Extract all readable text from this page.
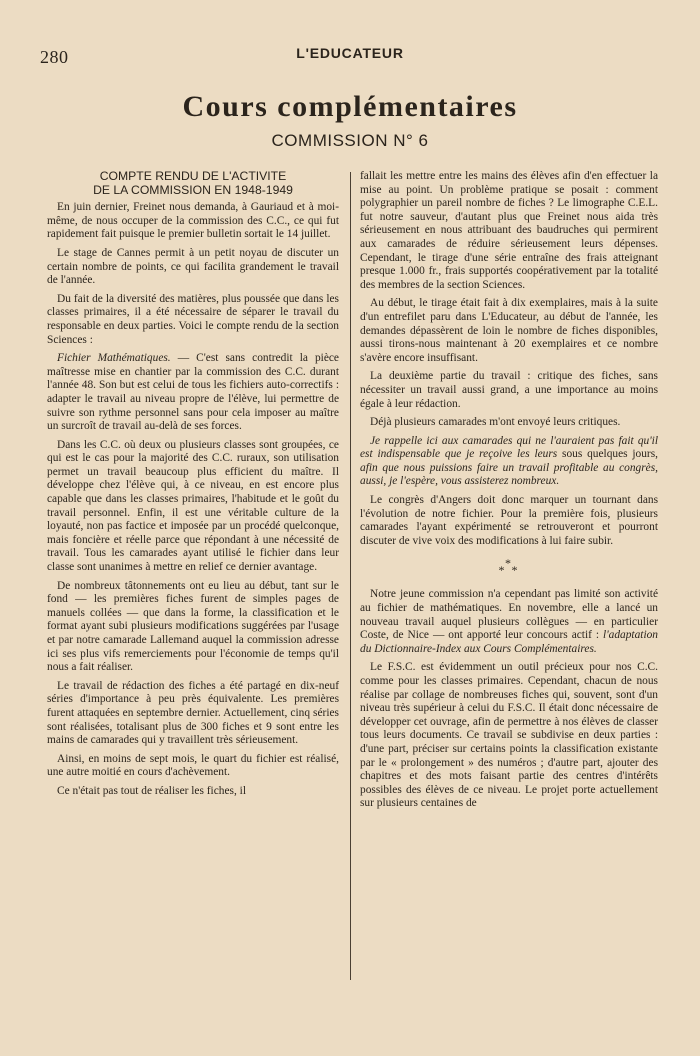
280	L'EDUCATEUR
Cours complémentaires
COMMISSION N° 6
COMPTE RENDU DE L'ACTIVITE
DE LA COMMISSION EN 1948-1949

En juin dernier, Freinet nous demanda, à Gauriaud et à moi-même, de nous occuper de la commission des C.C., ce qui fut rapidement fait puisque le premier bulletin sortait le 14 juillet.

Le stage de Cannes permit à un petit noyau de discuter un certain nombre de points, ce qui facilita grandement le travail de l'année.

Du fait de la diversité des matières, plus poussée que dans les classes primaires, il a été nécessaire de séparer le travail du responsable en deux parties. Voici le compte rendu de la section Sciences :

Fichier Mathématiques. — C'est sans contredit la pièce maîtresse mise en chantier par la commission des C.C. durant l'année 48. Son but est celui de tous les fichiers auto-correctifs : adapter le travail au niveau propre de l'élève, lui permettre de suivre son rythme personnel sans pour cela imposer au maître un surcroît de travail au-delà de ses forces.

Dans les C.C. où deux ou plusieurs classes sont groupées, ce qui est le cas pour la majorité des C.C. ruraux, son utilisation permet un travail beaucoup plus efficient du maître. Il développe chez l'élève qui, à ce niveau, en est encore plus capable que dans les classes primaires, l'habitude et le goût du travail personnel. Enfin, il est une véritable culture de la loyauté, non pas factice et imposée par un procédé quelconque, mais foncière et réelle parce que répondant à une nécessité de travail. Tous les camarades ayant utilisé le fichier dans leur classe sont unanimes à mettre en relief ce dernier avantage.

De nombreux tâtonnements ont eu lieu au début, tant sur le fond — les premières fiches furent de simples pages de manuels collées — que dans la forme, la classification et le format ayant subi plusieurs modifications suggérées par l'usage et par notre camarade Lallemand auquel la commission adresse ici ses plus vifs remerciements pour l'économie de temps qu'il nous a fait réaliser.

Le travail de rédaction des fiches a été partagé en dix-neuf séries d'importance à peu près équivalente. Les premières furent attaquées en septembre dernier. Actuellement, cinq séries sont réalisées, totalisant plus de 300 fiches et 9 sont entre les mains de camarades qui y travaillent très sérieusement.

Ainsi, en moins de sept mois, le quart du fichier est réalisé, une autre moitié en cours d'achèvement.

Ce n'était pas tout de réaliser les fiches, il

fallait les mettre entre les mains des élèves afin d'en effectuer la mise au point. Un problème pratique se posait : comment polygraphier un pareil nombre de fiches ? Le limographe C.E.L. fut notre sauveur, d'autant plus que Freinet nous aida très sérieusement en nous attribuant des baudruches qui permirent aux camarades de réduire sérieusement leurs dépenses. Cependant, le tirage d'une série entraîne des frais atteignant presque 1.000 fr., frais supportés coopérativement par la totalité des membres de la section Sciences.

Au début, le tirage était fait à dix exemplaires, mais à la suite d'un entrefilet paru dans L'Educateur, au début de l'année, les demandes dépassèrent de loin le nombre de fiches disponibles, aussi tirons-nous maintenant à 20 exemplaires et ce nombre s'avère encore insuffisant.

La deuxième partie du travail : critique des fiches, sans nécessiter un travail aussi grand, a une importance au moins égale à leur rédaction.

Déjà plusieurs camarades m'ont envoyé leurs critiques.

Je rappelle ici aux camarades qui ne l'auraient pas fait qu'il est indispensable que je reçoive les leurs sous quelques jours, afin que nous puissions faire un travail profitable au congrès, aussi, je l'espère, vous assisterez nombreux.

Le congrès d'Angers doit donc marquer un tournant dans l'évolution de notre fichier. Pour la première fois, plusieurs camarades l'ayant expérimenté se retrouveront et pourront discuter de vive voix des modifications à lui faire subir.

*
* *

Notre jeune commission n'a cependant pas limité son activité au fichier de mathématiques. En novembre, elle a lancé un nouveau travail auquel plusieurs collègues — en particulier Coste, de Nice — ont apporté leur concours actif : l'adaptation du Dictionnaire-Index aux Cours Complémentaires.

Le F.S.C. est évidemment un outil précieux pour nos C.C. comme pour les classes primaires. Cependant, chacun de nous réalise par collage de nombreuses fiches qui, souvent, sont d'un niveau très supérieur à celui du F.S.C. Il était donc nécessaire de développer cet ouvrage, afin de permettre à nos élèves de classer tous leurs documents. Ce travail se subdivise en deux parties : d'une part, préciser sur certains points la classification existante par le « prolongement » des numéros ; d'autre part, ajouter des chapitres et des mots faisant partie des centres d'intérêts possibles des élèves de ce niveau. Le projet porte actuellement sur plusieurs centaines de
